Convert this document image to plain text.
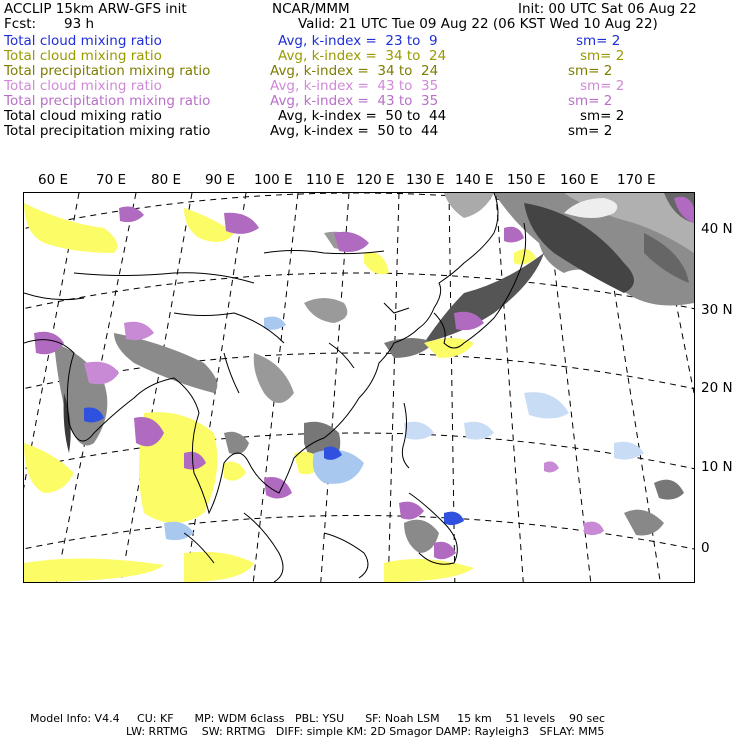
ACCLIP 15km ARW-GFS init	NCAR/MMM	Init: 00 UTC Sat 06 Aug 22
Fcst: 93 h	Valid: 21 UTC Tue 09 Aug 22 (06 KST Wed 10 Aug 22)
Total cloud mixing ratio	Avg, k-index =  23 to  9	sm= 2
Total cloud mixing ratio	Avg, k-index =  34 to  24	sm= 2
Total precipitation mixing ratio	Avg, k-index =  34 to  24	sm= 2
Total cloud mixing ratio	Avg, k-index =  43 to  35	sm= 2
Total precipitation mixing ratio	Avg, k-index =  43 to  35	sm= 2
Total cloud mixing ratio	Avg, k-index =  50 to  44	sm= 2
Total precipitation mixing ratio	Avg, k-index =  50 to  44	sm= 2
60 E 70 E 80 E 90 E 100 E 110 E 120 E 130 E 140 E 150 E 160 E 170 E
40 N
30 N
20 N
10 N
0
Model Info: V4.4     CU: KF      MP: WDM 6class   PBL: YSU      SF: Noah LSM     15 km    51 levels    90 sec
LW: RRTMG    SW: RRTMG   DIFF: simple KM: 2D Smagor DAMP: Rayleigh3   SFLAY: MM5
